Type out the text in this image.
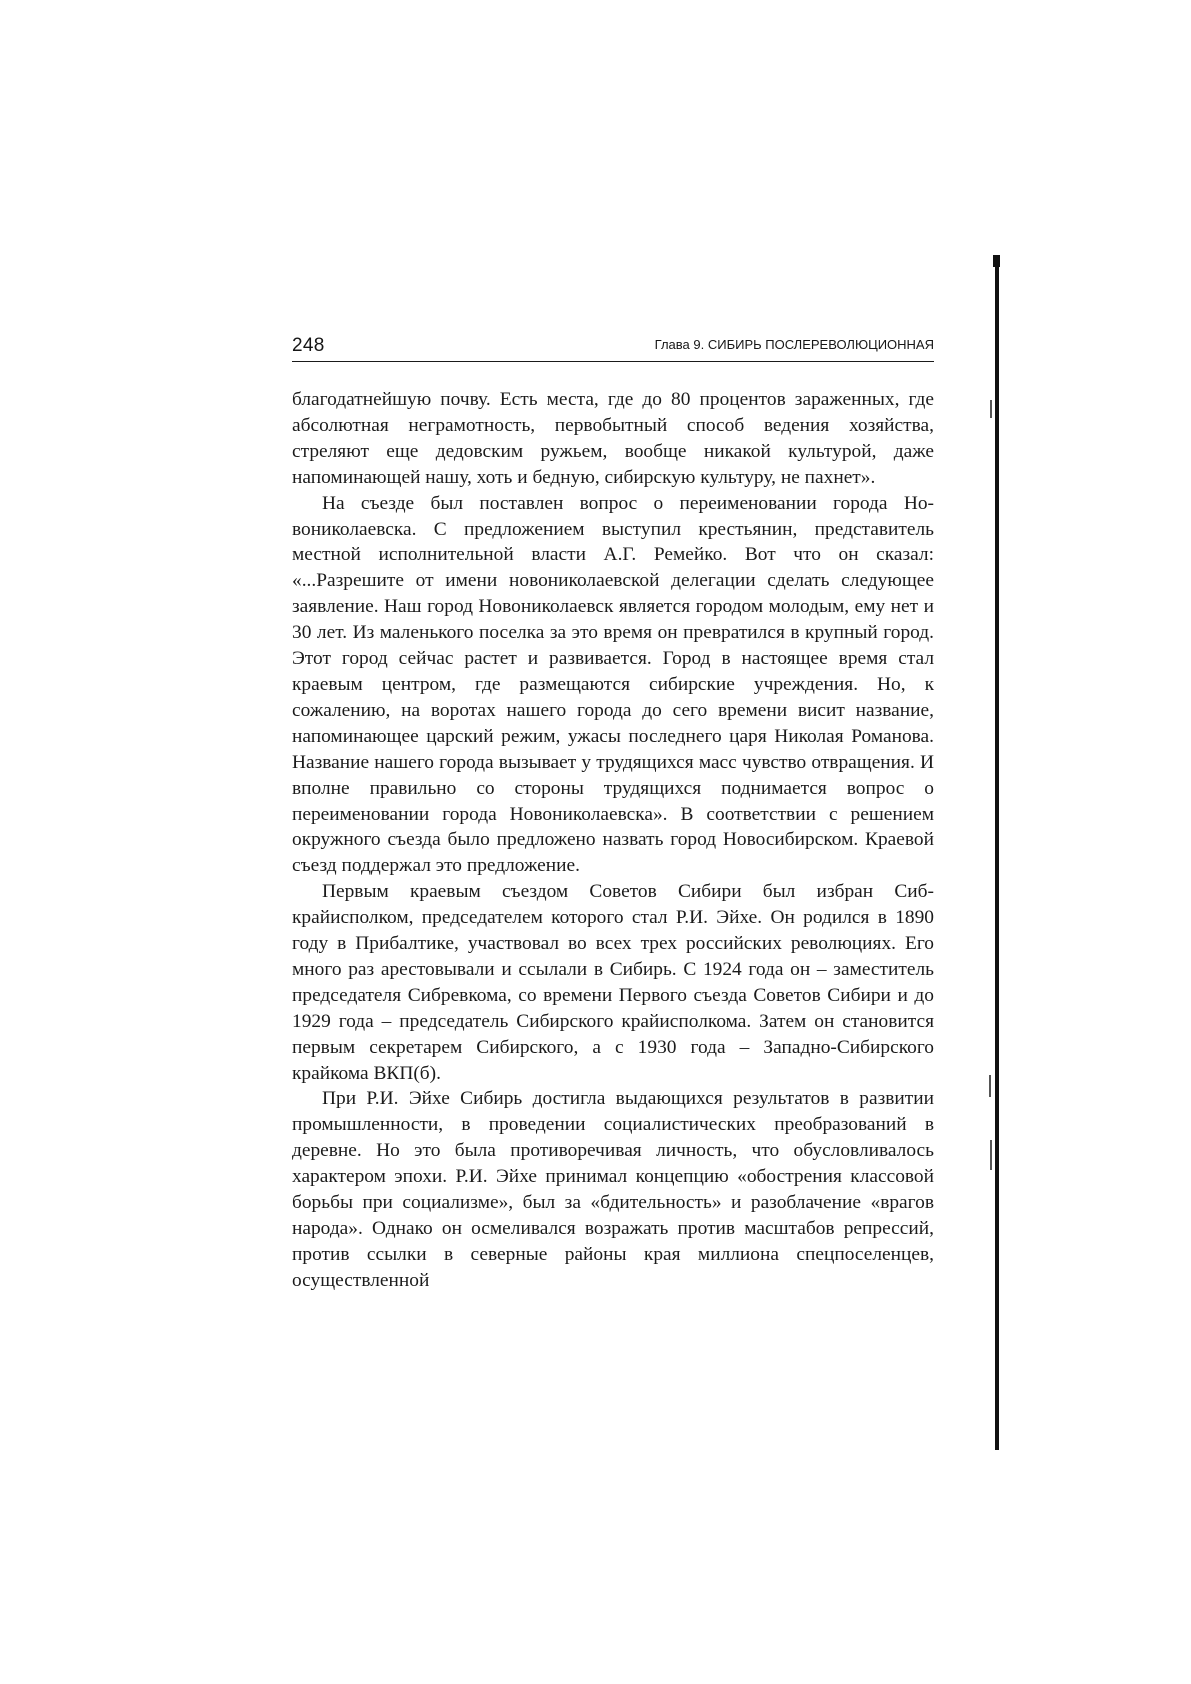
248	Глава 9. СИБИРЬ ПОСЛЕРЕВОЛЮЦИОННАЯ

благодатнейшую почву. Есть места, где до 80 процентов зараженных, где абсолютная неграмотность, первобытный способ ведения хозяйства, стреляют еще дедовским ружьем, вообще никакой культурой, даже напоминающей нашу, хоть и бедную, сибирскую культуру, не пахнет».

На съезде был поставлен вопрос о переименовании города Новониколаевска. С предложением выступил крестьянин, представитель местной исполнительной власти А.Г. Ремейко. Вот что он сказал: «...Разрешите от имени новониколаевской делегации сделать следующее заявление. Наш город Новониколаевск является городом молодым, ему нет и 30 лет. Из маленького поселка за это время он превратился в крупный город. Этот город сейчас растет и развивается. Город в настоящее время стал краевым центром, где размещаются сибирские учреждения. Но, к сожалению, на воротах нашего города до сего времени висит название, напоминающее царский режим, ужасы последнего царя Николая Романова. Название нашего города вызывает у трудящихся масс чувство отвращения. И вполне правильно со стороны трудящихся поднимается вопрос о переименовании города Новониколаевска». В соответствии с решением окружного съезда было предложено назвать город Новосибирском. Краевой съезд поддержал это предложение.

Первым краевым съездом Советов Сибири был избран Сибкрайисполком, председателем которого стал Р.И. Эйхе. Он родился в 1890 году в Прибалтике, участвовал во всех трех российских революциях. Его много раз арестовывали и ссылали в Сибирь. С 1924 года он – заместитель председателя Сибревкома, со времени Первого съезда Советов Сибири и до 1929 года – председатель Сибирского крайисполкома. Затем он становится первым секретарем Сибирского, а с 1930 года – Западно-Сибирского крайкома ВКП(б).

При Р.И. Эйхе Сибирь достигла выдающихся результатов в развитии промышленности, в проведении социалистических преобразований в деревне. Но это была противоречивая личность, что обусловливалось характером эпохи. Р.И. Эйхе принимал концепцию «обострения классовой борьбы при социализме», был за «бдительность» и разоблачение «врагов народа». Однако он осмеливался возражать против масштабов репрессий, против ссылки в северные районы края миллиона спецпоселенцев, осуществленной
